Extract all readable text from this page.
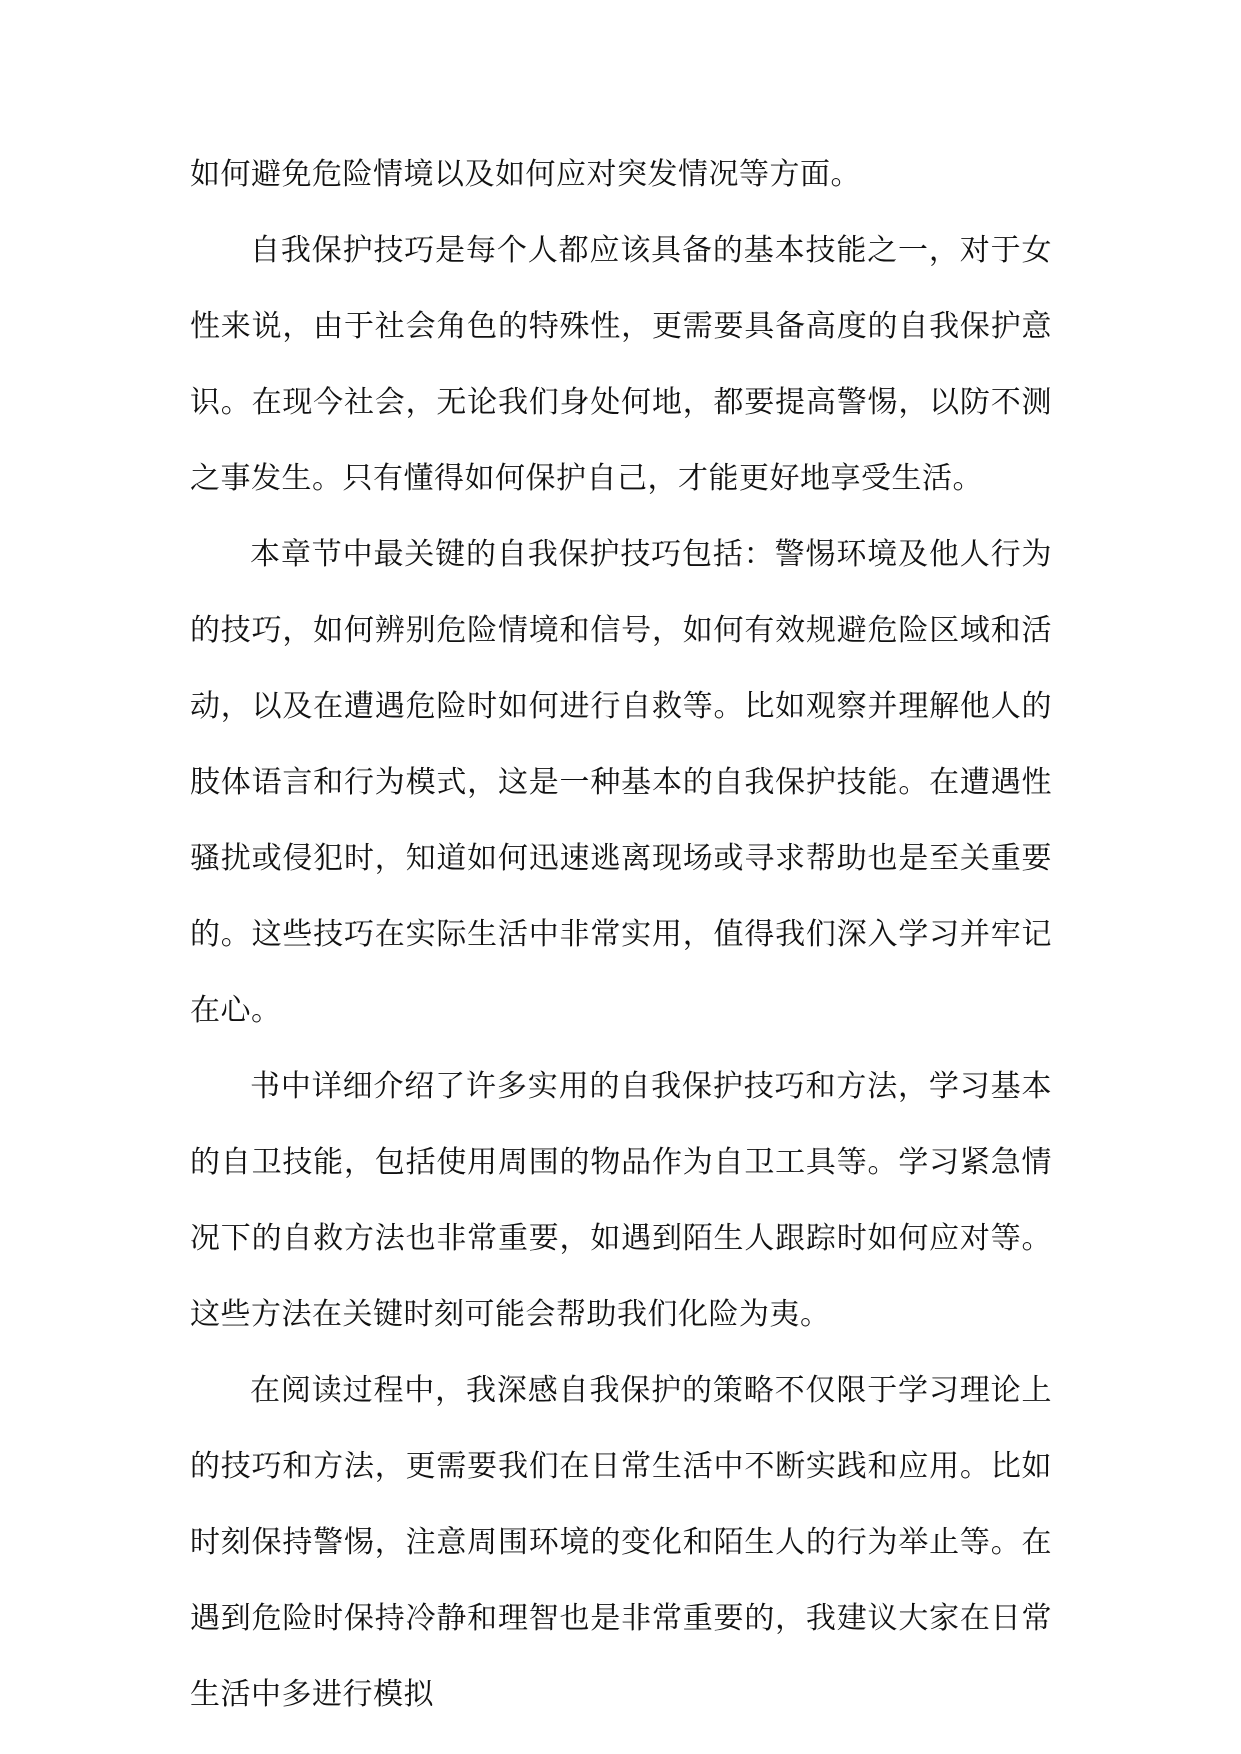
如何避免危险情境以及如何应对突发情况等方面。

自我保护技巧是每个人都应该具备的基本技能之一，对于女性来说，由于社会角色的特殊性，更需要具备高度的自我保护意识。在现今社会，无论我们身处何地，都要提高警惕，以防不测之事发生。只有懂得如何保护自己，才能更好地享受生活。

本章节中最关键的自我保护技巧包括：警惕环境及他人行为的技巧，如何辨别危险情境和信号，如何有效规避危险区域和活动，以及在遭遇危险时如何进行自救等。比如观察并理解他人的肢体语言和行为模式，这是一种基本的自我保护技能。在遭遇性骚扰或侵犯时，知道如何迅速逃离现场或寻求帮助也是至关重要的。这些技巧在实际生活中非常实用，值得我们深入学习并牢记在心。

书中详细介绍了许多实用的自我保护技巧和方法，学习基本的自卫技能，包括使用周围的物品作为自卫工具等。学习紧急情况下的自救方法也非常重要，如遇到陌生人跟踪时如何应对等。这些方法在关键时刻可能会帮助我们化险为夷。

在阅读过程中，我深感自我保护的策略不仅限于学习理论上的技巧和方法，更需要我们在日常生活中不断实践和应用。比如时刻保持警惕，注意周围环境的变化和陌生人的行为举止等。在遇到危险时保持冷静和理智也是非常重要的，我建议大家在日常生活中多进行模拟
